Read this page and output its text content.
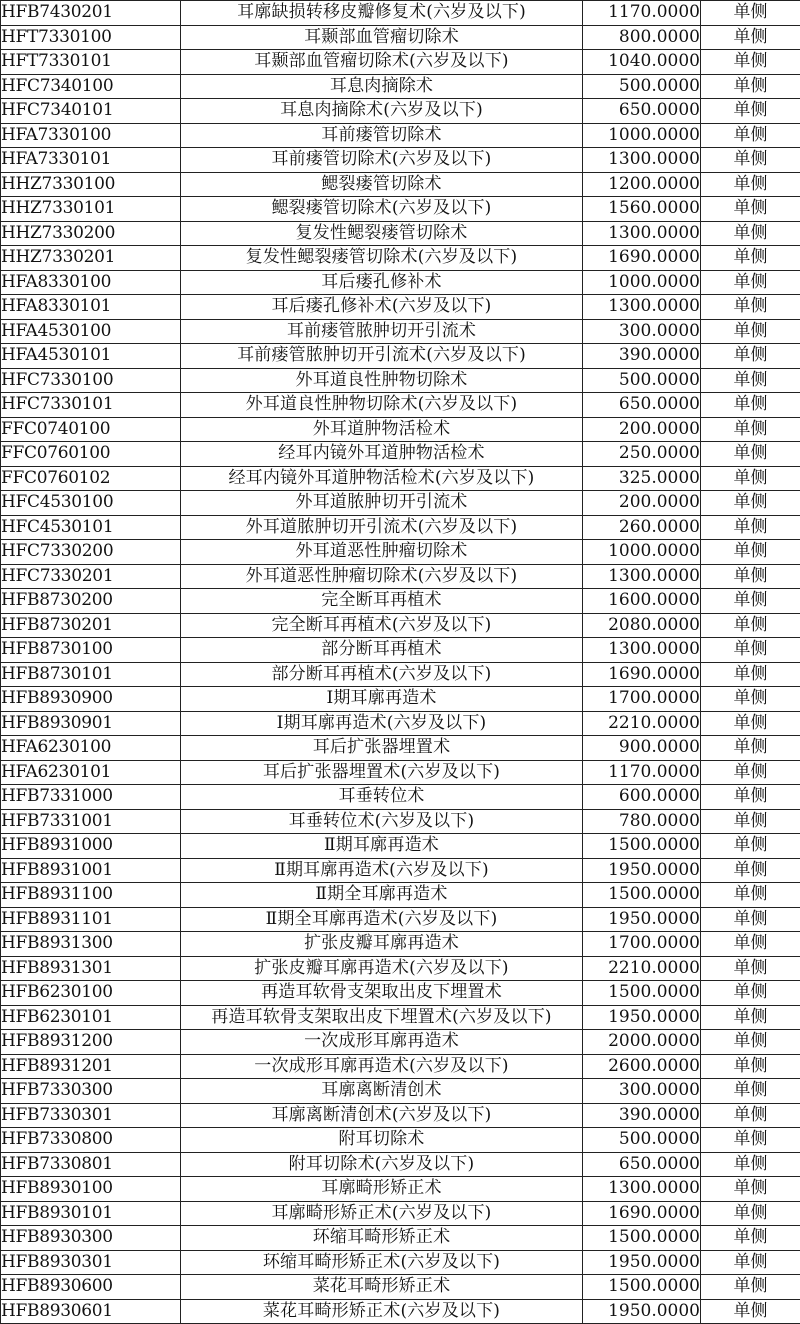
HFB7430201	耳廓缺损转移皮瓣修复术(六岁及以下)	1170.0000	单侧
HFT7330100	耳颞部血管瘤切除术	800.0000	单侧
HFT7330101	耳颞部血管瘤切除术(六岁及以下)	1040.0000	单侧
HFC7340100	耳息肉摘除术	500.0000	单侧
HFC7340101	耳息肉摘除术(六岁及以下)	650.0000	单侧
HFA7330100	耳前瘘管切除术	1000.0000	单侧
HFA7330101	耳前瘘管切除术(六岁及以下)	1300.0000	单侧
HHZ7330100	鳃裂瘘管切除术	1200.0000	单侧
HHZ7330101	鳃裂瘘管切除术(六岁及以下)	1560.0000	单侧
HHZ7330200	复发性鳃裂瘘管切除术	1300.0000	单侧
HHZ7330201	复发性鳃裂瘘管切除术(六岁及以下)	1690.0000	单侧
HFA8330100	耳后瘘孔修补术	1000.0000	单侧
HFA8330101	耳后瘘孔修补术(六岁及以下)	1300.0000	单侧
HFA4530100	耳前瘘管脓肿切开引流术	300.0000	单侧
HFA4530101	耳前瘘管脓肿切开引流术(六岁及以下)	390.0000	单侧
HFC7330100	外耳道良性肿物切除术	500.0000	单侧
HFC7330101	外耳道良性肿物切除术(六岁及以下)	650.0000	单侧
FFC0740100	外耳道肿物活检术	200.0000	单侧
FFC0760100	经耳内镜外耳道肿物活检术	250.0000	单侧
FFC0760102	经耳内镜外耳道肿物活检术(六岁及以下)	325.0000	单侧
HFC4530100	外耳道脓肿切开引流术	200.0000	单侧
HFC4530101	外耳道脓肿切开引流术(六岁及以下)	260.0000	单侧
HFC7330200	外耳道恶性肿瘤切除术	1000.0000	单侧
HFC7330201	外耳道恶性肿瘤切除术(六岁及以下)	1300.0000	单侧
HFB8730200	完全断耳再植术	1600.0000	单侧
HFB8730201	完全断耳再植术(六岁及以下)	2080.0000	单侧
HFB8730100	部分断耳再植术	1300.0000	单侧
HFB8730101	部分断耳再植术(六岁及以下)	1690.0000	单侧
HFB8930900	Ⅰ期耳廓再造术	1700.0000	单侧
HFB8930901	Ⅰ期耳廓再造术(六岁及以下)	2210.0000	单侧
HFA6230100	耳后扩张器埋置术	900.0000	单侧
HFA6230101	耳后扩张器埋置术(六岁及以下)	1170.0000	单侧
HFB7331000	耳垂转位术	600.0000	单侧
HFB7331001	耳垂转位术(六岁及以下)	780.0000	单侧
HFB8931000	Ⅱ期耳廓再造术	1500.0000	单侧
HFB8931001	Ⅱ期耳廓再造术(六岁及以下)	1950.0000	单侧
HFB8931100	Ⅱ期全耳廓再造术	1500.0000	单侧
HFB8931101	Ⅱ期全耳廓再造术(六岁及以下)	1950.0000	单侧
HFB8931300	扩张皮瓣耳廓再造术	1700.0000	单侧
HFB8931301	扩张皮瓣耳廓再造术(六岁及以下)	2210.0000	单侧
HFB6230100	再造耳软骨支架取出皮下埋置术	1500.0000	单侧
HFB6230101	再造耳软骨支架取出皮下埋置术(六岁及以下)	1950.0000	单侧
HFB8931200	一次成形耳廓再造术	2000.0000	单侧
HFB8931201	一次成形耳廓再造术(六岁及以下)	2600.0000	单侧
HFB7330300	耳廓离断清创术	300.0000	单侧
HFB7330301	耳廓离断清创术(六岁及以下)	390.0000	单侧
HFB7330800	附耳切除术	500.0000	单侧
HFB7330801	附耳切除术(六岁及以下)	650.0000	单侧
HFB8930100	耳廓畸形矫正术	1300.0000	单侧
HFB8930101	耳廓畸形矫正术(六岁及以下)	1690.0000	单侧
HFB8930300	环缩耳畸形矫正术	1500.0000	单侧
HFB8930301	环缩耳畸形矫正术(六岁及以下)	1950.0000	单侧
HFB8930600	菜花耳畸形矫正术	1500.0000	单侧
HFB8930601	菜花耳畸形矫正术(六岁及以下)	1950.0000	单侧
